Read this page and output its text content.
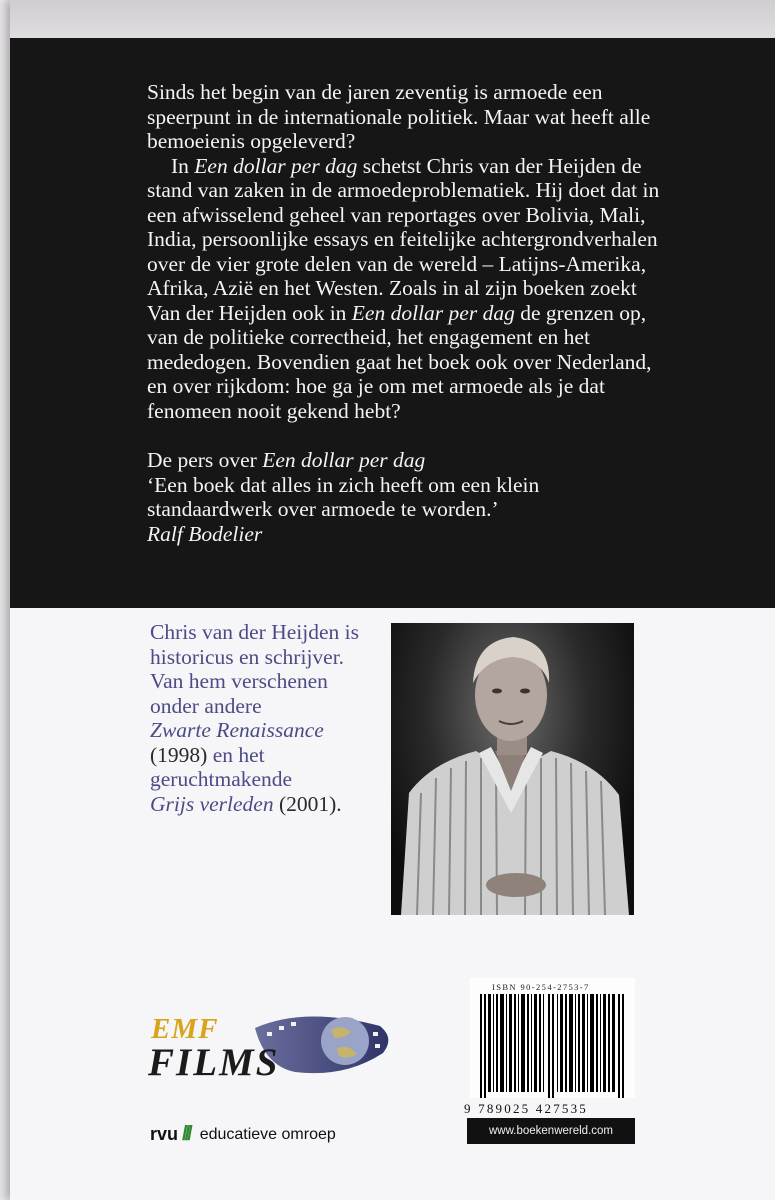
Sinds het begin van de jaren zeventig is armoede een speerpunt in de internationale politiek. Maar wat heeft alle bemoeienis opgeleverd?

In Een dollar per dag schetst Chris van der Heijden de stand van zaken in de armoedeproblematiek. Hij doet dat in een afwisselend geheel van reportages over Bolivia, Mali, India, persoonlijke essays en feitelijke achtergrondverhalen over de vier grote delen van de wereld – Latijns-Amerika, Afrika, Azië en het Westen. Zoals in al zijn boeken zoekt Van der Heijden ook in Een dollar per dag de grenzen op, van de politieke correctheid, het engagement en het mededogen. Bovendien gaat het boek ook over Nederland, en over rijkdom: hoe ga je om met armoede als je dat fenomeen nooit gekend hebt?

De pers over Een dollar per dag

‘Een boek dat alles in zich heeft om een klein standaardwerk over armoede te worden.’

Ralf Bodelier

Chris van der Heijden is historicus en schrijver.

Van hem verschenen onder andere
Zwarte Renaissance
(1998) en het geruchtmakende
Grijs verleden (2001).

ISBN 90-254-2753-7
9 789025 427535
www.boekenwereld.com
EMF
FILMS
rvu /// educatieve omroep
